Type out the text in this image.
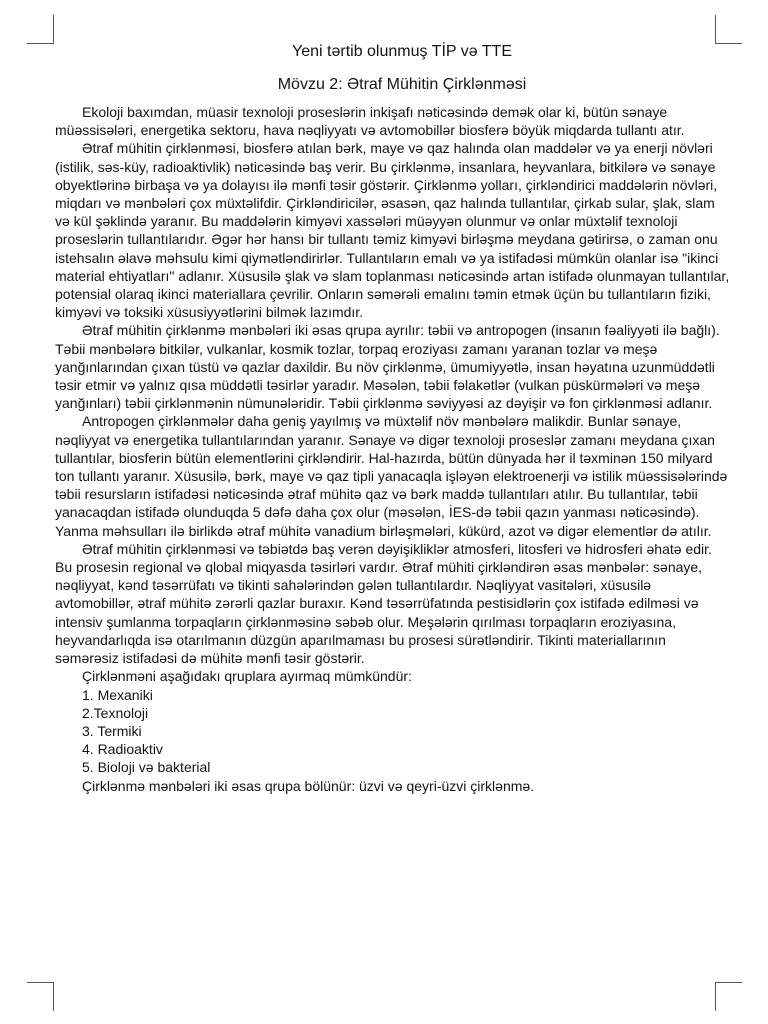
Yeni tərtib olunmuş TİP və TTE
Mövzu 2: Ətraf Mühitin Çirklənməsi

Ekoloji baxımdan, müasir texnoloji proseslərin inkişafı nəticəsində demək olar ki, bütün sənaye müəssisələri, energetika sektoru, hava nəqliyyatı və avtomobillər biosferə böyük miqdarda tullantı atır.

Ətraf mühitin çirklənməsi, biosferə atılan bərk, maye və qaz halında olan maddələr və ya enerji növləri (istilik, səs-küy, radioaktivlik) nəticəsində baş verir. Bu çirklənmə, insanlara, heyvanlara, bitkilərə və sənaye obyektlərinə birbaşa və ya dolayısı ilə mənfi təsir göstərir. Çirklənmə yolları, çirkləndirici maddələrin növləri, miqdarı və mənbələri çox müxtəlifdir. Çirkləndiricilər, əsasən, qaz halında tullantılar, çirkab sular, şlak, slam və kül şəklində yaranır. Bu maddələrin kimyəvi xassələri müəyyən olunmur və onlar müxtəlif texnoloji proseslərin tullantılarıdır. Əgər hər hansı bir tullantı təmiz kimyəvi birləşmə meydana gətirirsə, o zaman onu istehsalın əlavə məhsulu kimi qiymətləndirirlər. Tullantıların emalı və ya istifadəsi mümkün olanlar isə "ikinci material ehtiyatları" adlanır. Xüsusilə şlak və slam toplanması nəticəsində artan istifadə olunmayan tullantılar, potensial olaraq ikinci materiallara çevrilir. Onların səmərəli emalını təmin etmək üçün bu tullantıların fiziki, kimyəvi və toksiki xüsusiyyətlərini bilmək lazımdır.

Ətraf mühitin çirklənmə mənbələri iki əsas qrupa ayrılır: təbii və antropogen (insanın fəaliyyəti ilə bağlı). Təbii mənbələrə bitkilər, vulkanlar, kosmik tozlar, torpaq eroziyası zamanı yaranan tozlar və meşə yanğınlarından çıxan tüstü və qazlar daxildir. Bu növ çirklənmə, ümumiyyətlə, insan həyatına uzunmüddətli təsir etmir və yalnız qısa müddətli təsirlər yaradır. Məsələn, təbii fəlakətlər (vulkan püskürmələri və meşə yanğınları) təbii çirklənmənin nümunələridir. Təbii çirklənmə səviyyəsi az dəyişir və fon çirklənməsi adlanır.

Antropogen çirklənmələr daha geniş yayılmış və müxtəlif növ mənbələrə malikdir. Bunlar sənaye, nəqliyyat və energetika tullantılarından yaranır. Sənaye və digər texnoloji proseslər zamanı meydana çıxan tullantılar, biosferin bütün elementlərini çirkləndirir. Hal-hazırda, bütün dünyada hər il təxminən 150 milyard ton tullantı yaranır. Xüsusilə, bərk, maye və qaz tipli yanacaqla işləyən elektroenerji və istilik müəssisələrində təbii resursların istifadəsi nəticəsində ətraf mühitə qaz və bərk maddə tullantıları atılır. Bu tullantılar, təbii yanacaqdan istifadə olunduqda 5 dəfə daha çox olur (məsələn, İES-də təbii qazın yanması nəticəsində). Yanma məhsulları ilə birlikdə ətraf mühitə vanadium birləşmələri, kükürd, azot və digər elementlər də atılır.

Ətraf mühitin çirklənməsi və təbiətdə baş verən dəyişikliklər atmosferi, litosferi və hidrosferi əhatə edir. Bu prosesin regional və qlobal miqyasda təsirləri vardır. Ətraf mühiti çirkləndirən əsas mənbələr: sənaye, nəqliyyat, kənd təsərrüfatı və tikinti sahələrindən gələn tullantılardır. Nəqliyyat vasitələri, xüsusilə avtomobillər, ətraf mühitə zərərli qazlar buraxır. Kənd təsərrüfatında pestisidlərin çox istifadə edilməsi və intensiv şumlanma torpaqların çirklənməsinə səbəb olur. Meşələrin qırılması torpaqların eroziyasına, heyvandarlıqda isə otarılmanın düzgün aparılmaması bu prosesi sürətləndirir. Tikinti materiallarının səmərəsiz istifadəsi də mühitə mənfi təsir göstərir.

Çirklənməni aşağıdakı qruplara ayırmaq mümkündür:

1. Mexaniki

2.Texnoloji

3. Termiki

4. Radioaktiv

5. Bioloji və bakterial

Çirklənmə mənbələri iki əsas qrupa bölünür: üzvi və qeyri-üzvi çirklənmə.
